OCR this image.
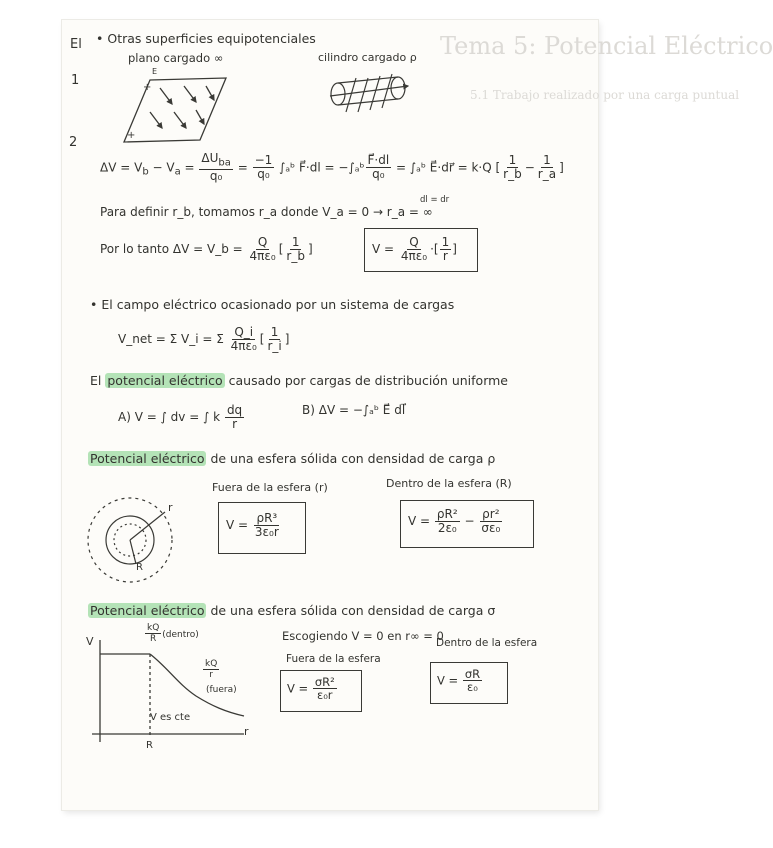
Tema 5: Potencial Eléctrico
5.1 Trabajo realizado por una carga puntual
El
1
2
• Otras superficies equipotenciales
plano cargado ∞
E
cilindro cargado ρ
+
+
$\Delta V = V_b - V_a = \frac{\Delta U_{ba}}{\text{q₀}} = \frac{-1}{\text{q₀}}$ ∫ₐᵇ F⃗·dl = −∫ₐᵇ $\frac{F⃗\cdot dl}{\text{q₀}}$ = ∫ₐᵇ E⃗·dr⃗ = k·Q [ $\frac{1}{r\_b} - \frac{1}{r\_a}$ ]
dl = dr
Para definir r_b, tomamos r_a donde V_a = 0 → r_a = ∞
Por lo tanto ΔV = V_b = $\frac{Q}{\text{4πε₀}}$ [ $\frac{1}{r\_b}$ ]	$V = \frac{Q}{\text{4πε₀}}$ ·[ $\frac{1}{r}$ ]
• El campo eléctrico ocasionado por un sistema de cargas
V_net = Σ V_i = Σ $\frac{Q\_i}{\text{4πε₀}}$ [ $\frac{1}{r\_i}$ ]
El potencial eléctrico causado por cargas de distribución uniforme
A) V = ∫ dv = ∫ k $\frac{dq}{r}$	B) ΔV = −∫ₐᵇ E⃗ dl⃗
Potencial eléctrico de una esfera sólida con densidad de carga ρ
Fuera de la esfera (r)	Dentro de la esfera (R)
$V = \frac{\text{ρR³}}{\text{3ε₀r}}$	$V = \frac{\text{ρR²}}{\text{2ε₀}} - \frac{\text{ρr²}}{\text{σε₀}}$
r
R
Potencial eléctrico de una esfera sólida con densidad de carga σ
Escogiendo V = 0 en r∞ = 0
Fuera de la esfera
Dentro de la esfera
$V = \frac{\text{σR²}}{\text{ε₀r}}$	$V = \frac{\sigma R}{\text{ε₀}}$
V
r
R
$\frac{kQ}{R}$ (dentro)
$\frac{kQ}{r}$
(fuera)
V es cte
